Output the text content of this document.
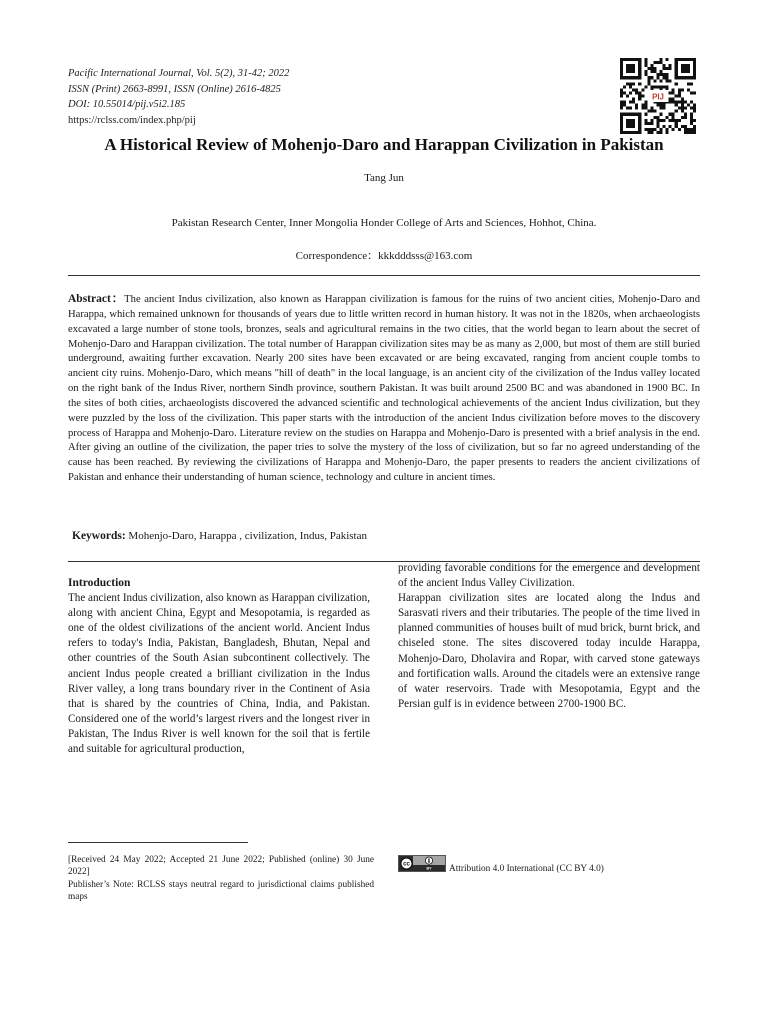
Pacific International Journal, Vol. 5(2), 31-42; 2022
ISSN (Print) 2663-8991, ISSN (Online) 2616-4825
DOI: 10.55014/pij.v5i2.185
https://rclss.com/index.php/pij
PIJ
A Historical Review of Mohenjo-Daro and Harappan Civilization in Pakistan
Tang Jun
Pakistan Research Center, Inner Mongolia Honder College of Arts and Sciences, Hohhot, China.
Correspondence：kkkdddsss@163.com
Abstract：The ancient Indus civilization, also known as Harappan civilization is famous for the ruins of two ancient cities, Mohenjo-Daro and Harappa, which remained unknown for thousands of years due to little written record in human history. It was not in the 1820s, when archaeologists excavated a large number of stone tools, bronzes, seals and agricultural remains in the two cities, that the world began to learn about the secret of Mohenjo-Daro and Harappan civilization. The total number of Harappan civilization sites may be as many as 2,000, but most of them are still buried underground, awaiting further excavation. Nearly 200 sites have been excavated or are being excavated, ranging from ancient couple tombs to ancient city ruins. Mohenjo-Daro, which means "hill of death" in the local language, is an ancient city of the civilization of the Indus valley located on the right bank of the Indus River, northern Sindh province, southern Pakistan. It was built around 2500 BC and was abandoned in 1900 BC. In the sites of both cities, archaeologists discovered the advanced scientific and technological achievements of the ancient Indus civilization, but they were puzzled by the loss of the civilization. This paper starts with the introduction of the ancient Indus civilization before moves to the discovery process of Harappa and Mohenjo-Daro. Literature review on the studies on Harappa and Mohenjo-Daro is presented with a brief analysis in the end. After giving an outline of the civilization, the paper tries to solve the mystery of the loss of civilization, but so far no agreed understanding of the cause has been reached. By reviewing the civilizations of Harappa and Mohenjo-Daro, the paper presents to readers the ancient civilizations of Pakistan and enhance their understanding of human science, technology and culture in ancient times.
Keywords: Mohenjo-Daro, Harappa , civilization, Indus, Pakistan
Introduction

The ancient Indus civilization, also known as Harappan civilization, along with ancient China, Egypt and Mesopotamia, is regarded as one of the oldest civilizations of the ancient world. Ancient Indus refers to today's India, Pakistan, Bangladesh, Bhutan, Nepal and other countries of the South Asian subcontinent collectively. The ancient Indus people created a brilliant civilization in the Indus River valley, a long trans boundary river in the Continent of Asia that is shared by the countries of China, India, and Pakistan. Considered one of the world’s largest rivers and the longest river in Pakistan, The Indus River is well known for the soil that is fertile and suitable for agricultural production,

providing favorable conditions for the emergence and development of the ancient Indus Valley Civilization.

Harappan civilization sites are located along the Indus and Sarasvati rivers and their tributaries. The people of the time lived in planned communities of houses built of mud brick, burnt brick, and chiseled stone. The sites discovered today inculde Harappa, Mohenjo-Daro, Dholavira and Ropar, with carved stone gateways and fortification walls. Around the citadels were an extensive range of water reservoirs. Trade with Mesopotamia, Egypt and the Persian gulf is in evidence between 2700-1900 BC.

[Received 24 May 2022; Accepted 21 June 2022; Published (online) 30 June 2022]

Publisher’s Note: RCLSS stays neutral regard to jurisdictional claims published maps

cc
BY Attribution 4.0 International (CC BY 4.0)
